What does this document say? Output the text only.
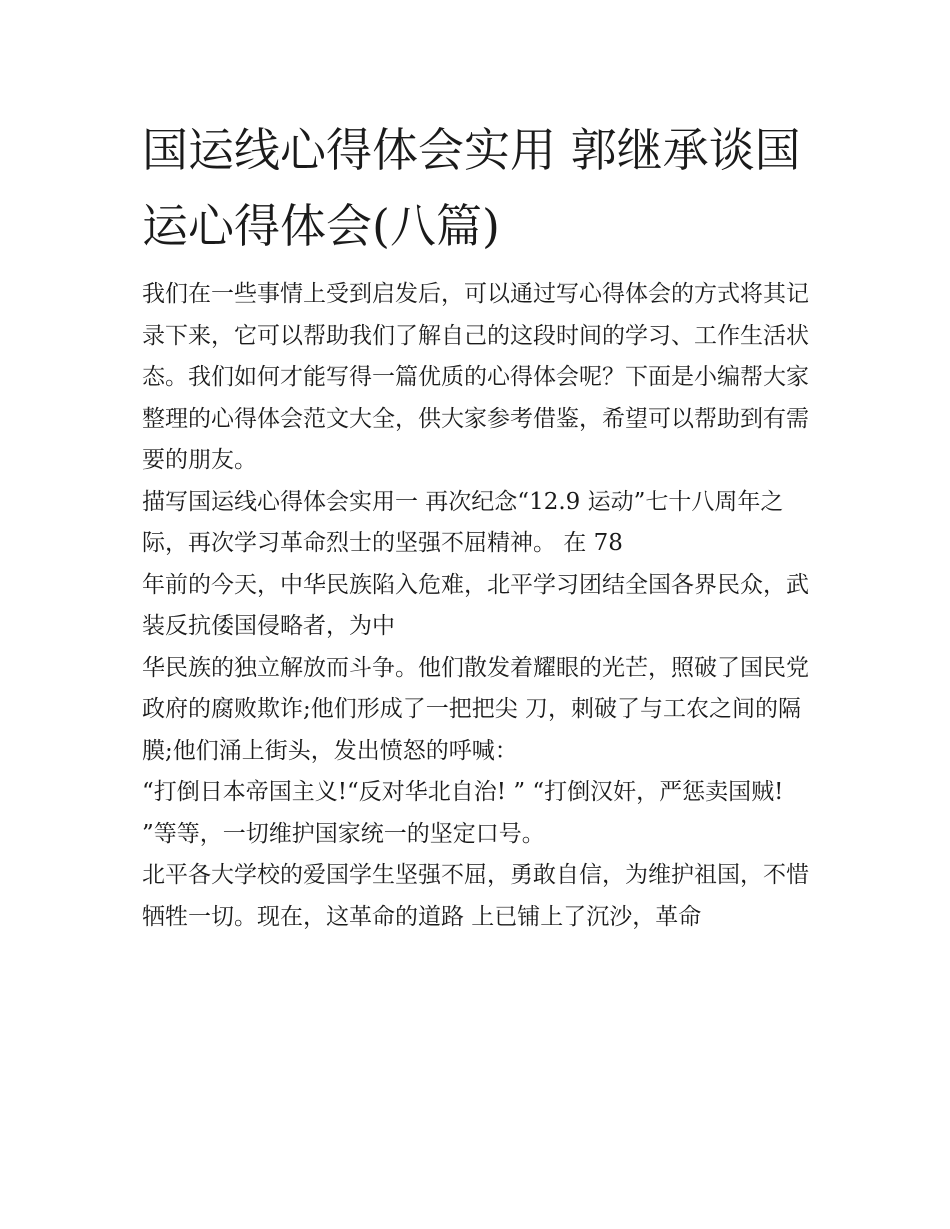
国运线心得体会实用 郭继承谈国运心得体会(八篇)

我们在一些事情上受到启发后，可以通过写心得体会的方式将其记录下来，它可以帮助我们了解自己的这段时间的学习、工作生活状态。我们如何才能写得一篇优质的心得体会呢？下面是小编帮大家整理的心得体会范文大全，供大家参考借鉴，希望可以帮助到有需要的朋友。

描写国运线心得体会实用一 再次纪念“12.9 运动”七十八周年之际，再次学习革命烈士的坚强不屈精神。 在 78

年前的今天，中华民族陷入危难，北平学习团结全国各界民众，武装反抗倭国侵略者，为中

华民族的独立解放而斗争。他们散发着耀眼的光芒，照破了国民党政府的腐败欺诈;他们形成了一把把尖 刀，刺破了与工农之间的隔膜;他们涌上街头，发出愤怒的呼喊：

“打倒日本帝国主义!“反对华北自治! ” “打倒汉奸，严惩卖国贼! ”等等，一切维护国家统一的坚定口号。

北平各大学校的爱国学生坚强不屈，勇敢自信，为维护祖国，不惜牺牲一切。现在，这革命的道路 上已铺上了沉沙，革命
